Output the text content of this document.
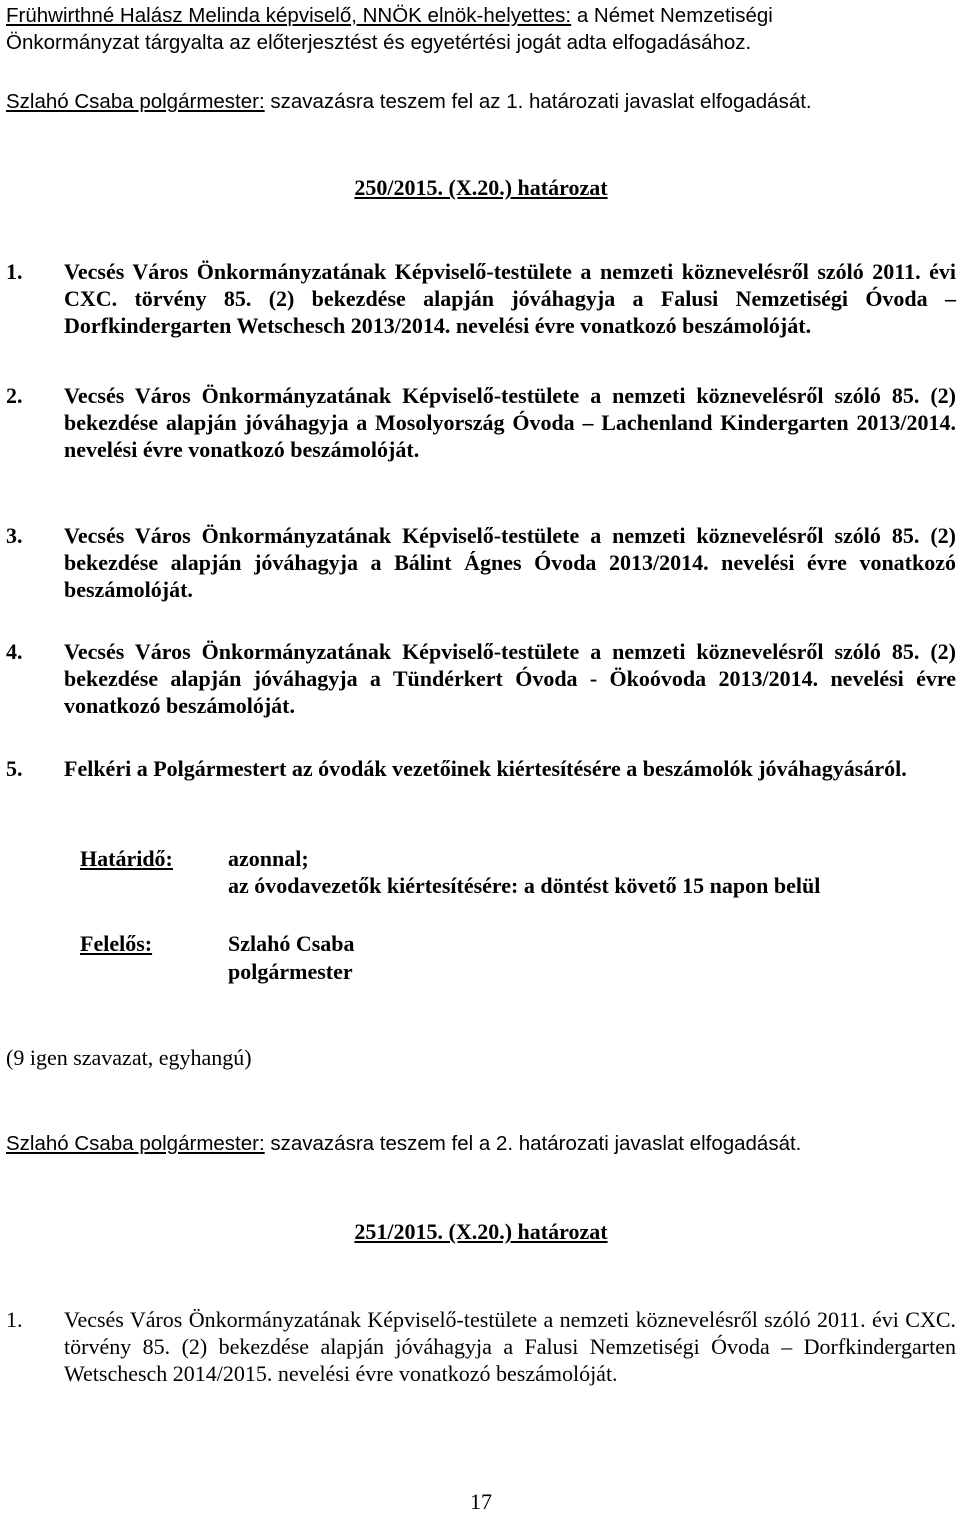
Frühwirthné Halász Melinda képviselő, NNÖK elnök-helyettes: a Német Nemzetiségi
Önkormányzat tárgyalta az előterjesztést és egyetértési jogát adta elfogadásához.
Szlahó Csaba polgármester: szavazásra teszem fel az 1. határozati javaslat elfogadását.
250/2015. (X.20.) határozat
1. Vecsés Város Önkormányzatának Képviselő-testülete a nemzeti köznevelésről szóló 2011. évi CXC. törvény 85. (2) bekezdése alapján jóváhagyja a Falusi Nemzetiségi Óvoda – Dorfkindergarten Wetschesch 2013/2014. nevelési évre vonatkozó beszámolóját.
2. Vecsés Város Önkormányzatának Képviselő-testülete a nemzeti köznevelésről szóló 85. (2) bekezdése alapján jóváhagyja a Mosolyország Óvoda – Lachenland Kindergarten 2013/2014. nevelési évre vonatkozó beszámolóját.
3. Vecsés Város Önkormányzatának Képviselő-testülete a nemzeti köznevelésről szóló 85. (2) bekezdése alapján jóváhagyja a Bálint Ágnes Óvoda 2013/2014. nevelési évre vonatkozó beszámolóját.
4. Vecsés Város Önkormányzatának Képviselő-testülete a nemzeti köznevelésről szóló 85. (2) bekezdése alapján jóváhagyja a Tündérkert Óvoda - Ökoóvoda 2013/2014. nevelési évre vonatkozó beszámolóját.
5. Felkéri a Polgármestert az óvodák vezetőinek kiértesítésére a beszámolók jóváhagyásáról.
Határidő:	azonnal;
az óvodavezetők kiértesítésére: a döntést követő 15 napon belül
Felelős:	Szlahó Csaba
polgármester
(9 igen szavazat, egyhangú)
Szlahó Csaba polgármester: szavazásra teszem fel a 2. határozati javaslat elfogadását.
251/2015. (X.20.) határozat
1. Vecsés Város Önkormányzatának Képviselő-testülete a nemzeti köznevelésről szóló 2011. évi CXC. törvény 85. (2) bekezdése alapján jóváhagyja a Falusi Nemzetiségi Óvoda – Dorfkindergarten Wetschesch 2014/2015. nevelési évre vonatkozó beszámolóját.
17
